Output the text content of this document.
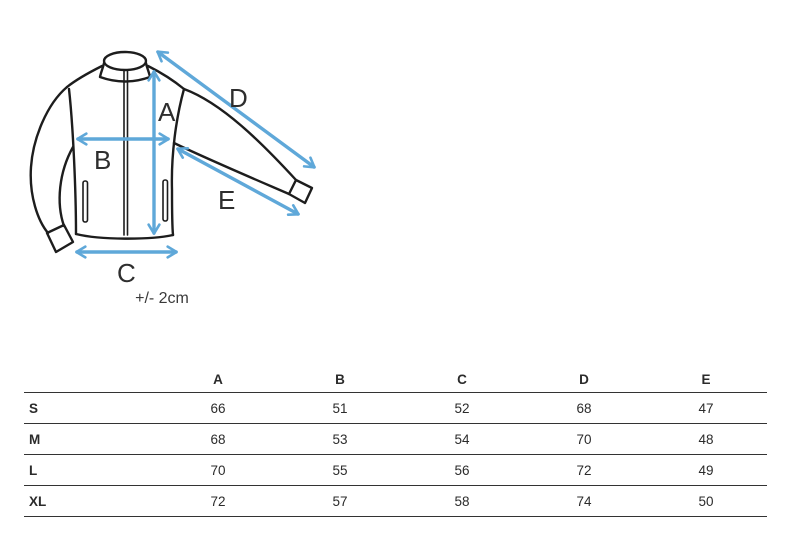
A
B
C
D
E
+/- 2cm
	A	B	C	D	E
S	66	51	52	68	47
M	68	53	54	70	48
L	70	55	56	72	49
XL	72	57	58	74	50
